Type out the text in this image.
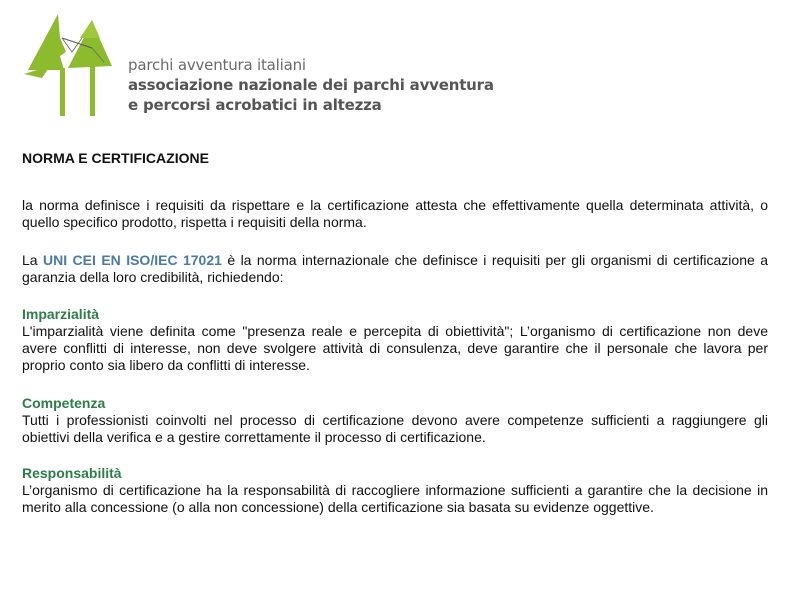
parchi avventura italiani
associazione nazionale dei parchi avventura
e percorsi acrobatici in altezza
NORMA E CERTIFICAZIONE

la norma definisce i requisiti da rispettare e la certificazione attesta che effettivamente quella determinata attività, o quello specifico prodotto, rispetta i requisiti della norma.

La UNI CEI EN ISO/IEC 17021 è la norma internazionale che definisce i requisiti per gli organismi di certificazione a garanzia della loro credibilità, richiedendo:

Imparzialità

L'imparzialità viene definita come "presenza reale e percepita di obiettività"; L’organismo di certificazione non deve avere conflitti di interesse, non deve svolgere attività di consulenza, deve garantire che il personale che lavora per proprio conto sia libero da conflitti di interesse.

Competenza

Tutti i professionisti coinvolti nel processo di certificazione devono avere competenze sufficienti a raggiungere gli obiettivi della verifica e a gestire correttamente il processo di certificazione.

Responsabilità

L’organismo di certificazione ha la responsabilità di raccogliere informazione sufficienti a garantire che la decisione in merito alla concessione (o alla non concessione) della certificazione sia basata su evidenze oggettive.
